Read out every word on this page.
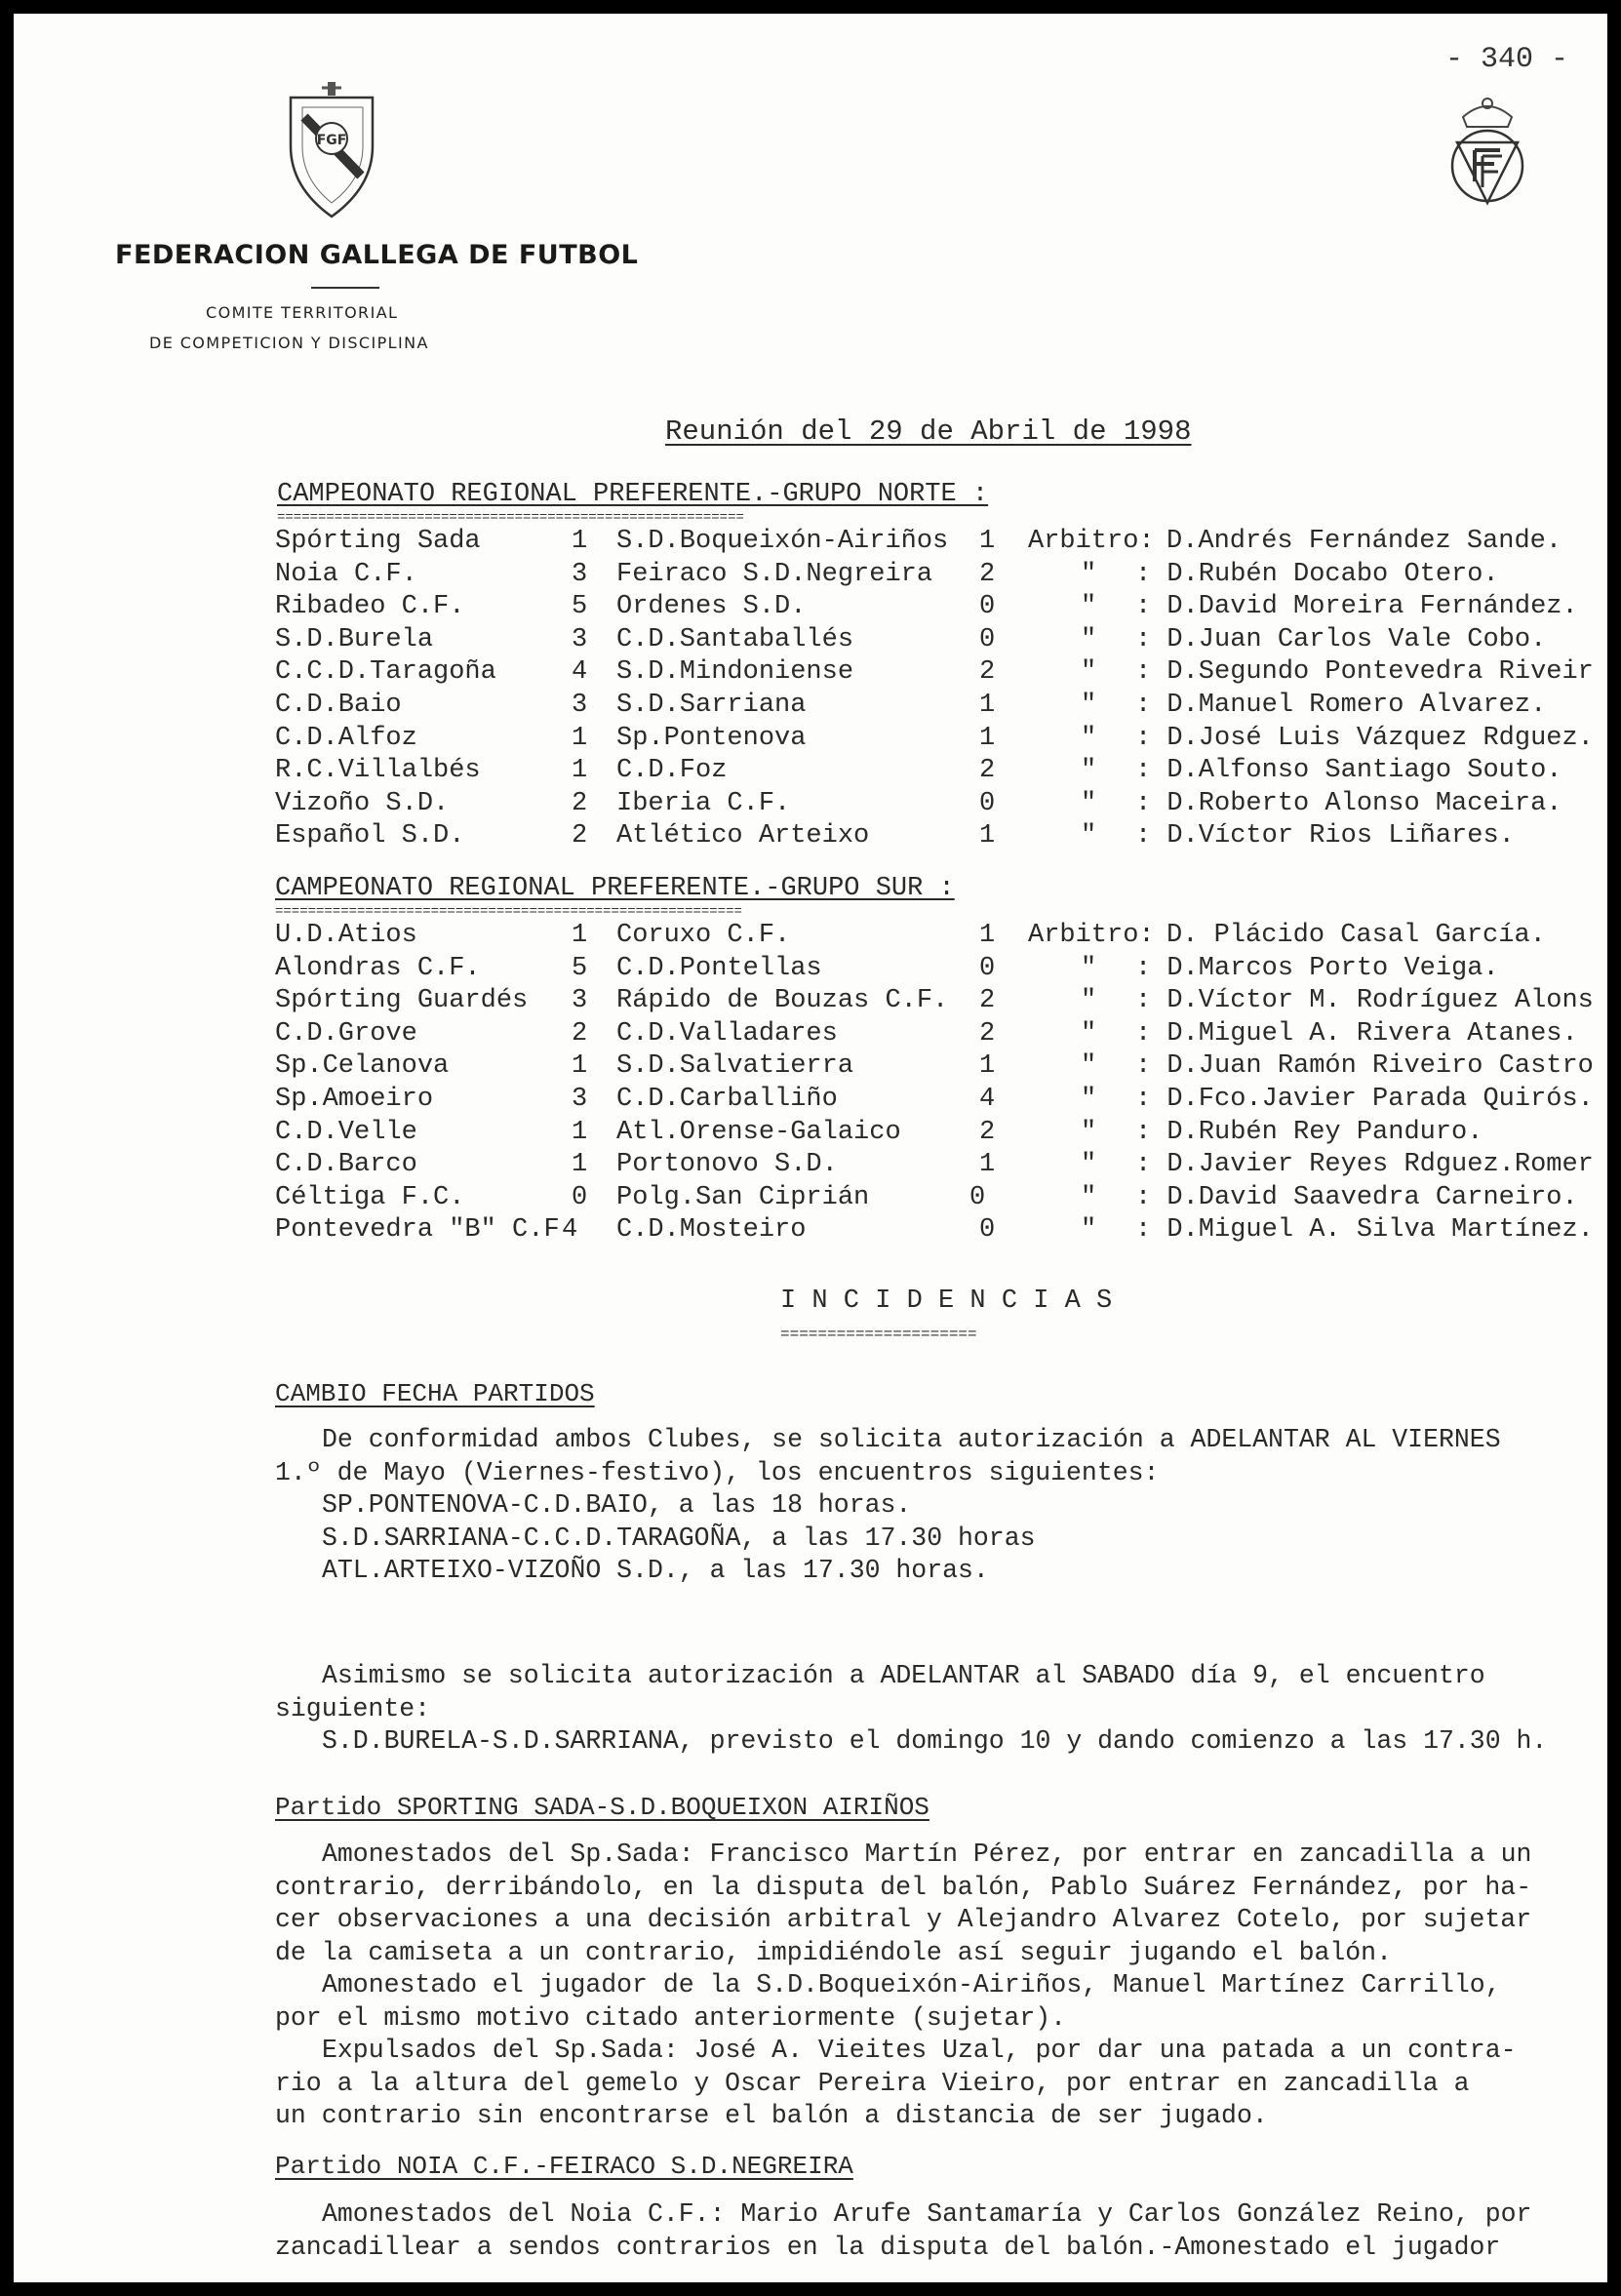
FGF
- 340 -
FEDERACION GALLEGA DE FUTBOL
COMITE TERRITORIAL
DE COMPETICION Y DISCIPLINA
Reunión del 29 de Abril de 1998
CAMPEONATO REGIONAL PREFERENTE.-GRUPO NORTE :
=========================================================
Spórting Sada	1 S.D.Boqueixón-Airiños 1 Arbitro: D.Andrés Fernández Sande.
Noia C.F.	3 Feiraco S.D.Negreira 2	" : D.Rubén Docabo Otero.
Ribadeo C.F.	5 Ordenes S.D.	0	" : D.David Moreira Fernández.
S.D.Burela	3 C.D.Santaballés	0	" : D.Juan Carlos Vale Cobo.
C.C.D.Taragoña	4 S.D.Mindoniense	2	" : D.Segundo Pontevedra Riveir
C.D.Baio	3 S.D.Sarriana	1	" : D.Manuel Romero Alvarez.
C.D.Alfoz	1 Sp.Pontenova	1	" : D.José Luis Vázquez Rdguez.
R.C.Villalbés	1 C.D.Foz	2	" : D.Alfonso Santiago Souto.
Vizoño S.D.	2 Iberia C.F.	0	" : D.Roberto Alonso Maceira.
Español S.D.	2 Atlético Arteixo	1	" : D.Víctor Rios Liñares.
CAMPEONATO REGIONAL PREFERENTE.-GRUPO SUR :
=========================================================
U.D.Atios	1 Coruxo C.F.	1 Arbitro: D. Plácido Casal García.
Alondras C.F.	5 C.D.Pontellas	0	" : D.Marcos Porto Veiga.
Spórting Guardés 3 Rápido de Bouzas C.F. 2	" : D.Víctor M. Rodríguez Alons
C.D.Grove	2 C.D.Valladares	2	" : D.Miguel A. Rivera Atanes.
Sp.Celanova	1 S.D.Salvatierra	1	" : D.Juan Ramón Riveiro Castro
Sp.Amoeiro	3 C.D.Carballiño	4	" : D.Fco.Javier Parada Quirós.
C.D.Velle	1 Atl.Orense-Galaico	2	" : D.Rubén Rey Panduro.
C.D.Barco	1 Portonovo S.D.	1	" : D.Javier Reyes Rdguez.Romer
Céltiga F.C.	0 Polg.San Ciprián	0	" : D.David Saavedra Carneiro.
Pontevedra "B" C.F 4 C.D.Mosteiro	0	" : D.Miguel A. Silva Martínez.
I N C I D E N C I A S
=====================
CAMBIO FECHA PARTIDOS

De conformidad ambos Clubes, se solicita autorización a ADELANTAR AL VIERNES

1.º de Mayo (Viernes-festivo), los encuentros siguientes:

SP.PONTENOVA-C.D.BAIO, a las 18 horas.

S.D.SARRIANA-C.C.D.TARAGOÑA, a las 17.30 horas

ATL.ARTEIXO-VIZOÑO S.D., a las 17.30 horas.

Asimismo se solicita autorización a ADELANTAR al SABADO día 9, el encuentro

siguiente:

S.D.BURELA-S.D.SARRIANA, previsto el domingo 10 y dando comienzo a las 17.30 h.

Partido SPORTING SADA-S.D.BOQUEIXON AIRIÑOS

Amonestados del Sp.Sada: Francisco Martín Pérez, por entrar en zancadilla a un

contrario, derribándolo, en la disputa del balón, Pablo Suárez Fernández, por ha-

cer observaciones a una decisión arbitral y Alejandro Alvarez Cotelo, por sujetar

de la camiseta a un contrario, impidiéndole así seguir jugando el balón.

Amonestado el jugador de la S.D.Boqueixón-Airiños, Manuel Martínez Carrillo,

por el mismo motivo citado anteriormente (sujetar).

Expulsados del Sp.Sada: José A. Vieites Uzal, por dar una patada a un contra-

rio a la altura del gemelo y Oscar Pereira Vieiro, por entrar en zancadilla a

un contrario sin encontrarse el balón a distancia de ser jugado.

Partido NOIA C.F.-FEIRACO S.D.NEGREIRA

Amonestados del Noia C.F.: Mario Arufe Santamaría y Carlos González Reino, por

zancadillear a sendos contrarios en la disputa del balón.-Amonestado el jugador
